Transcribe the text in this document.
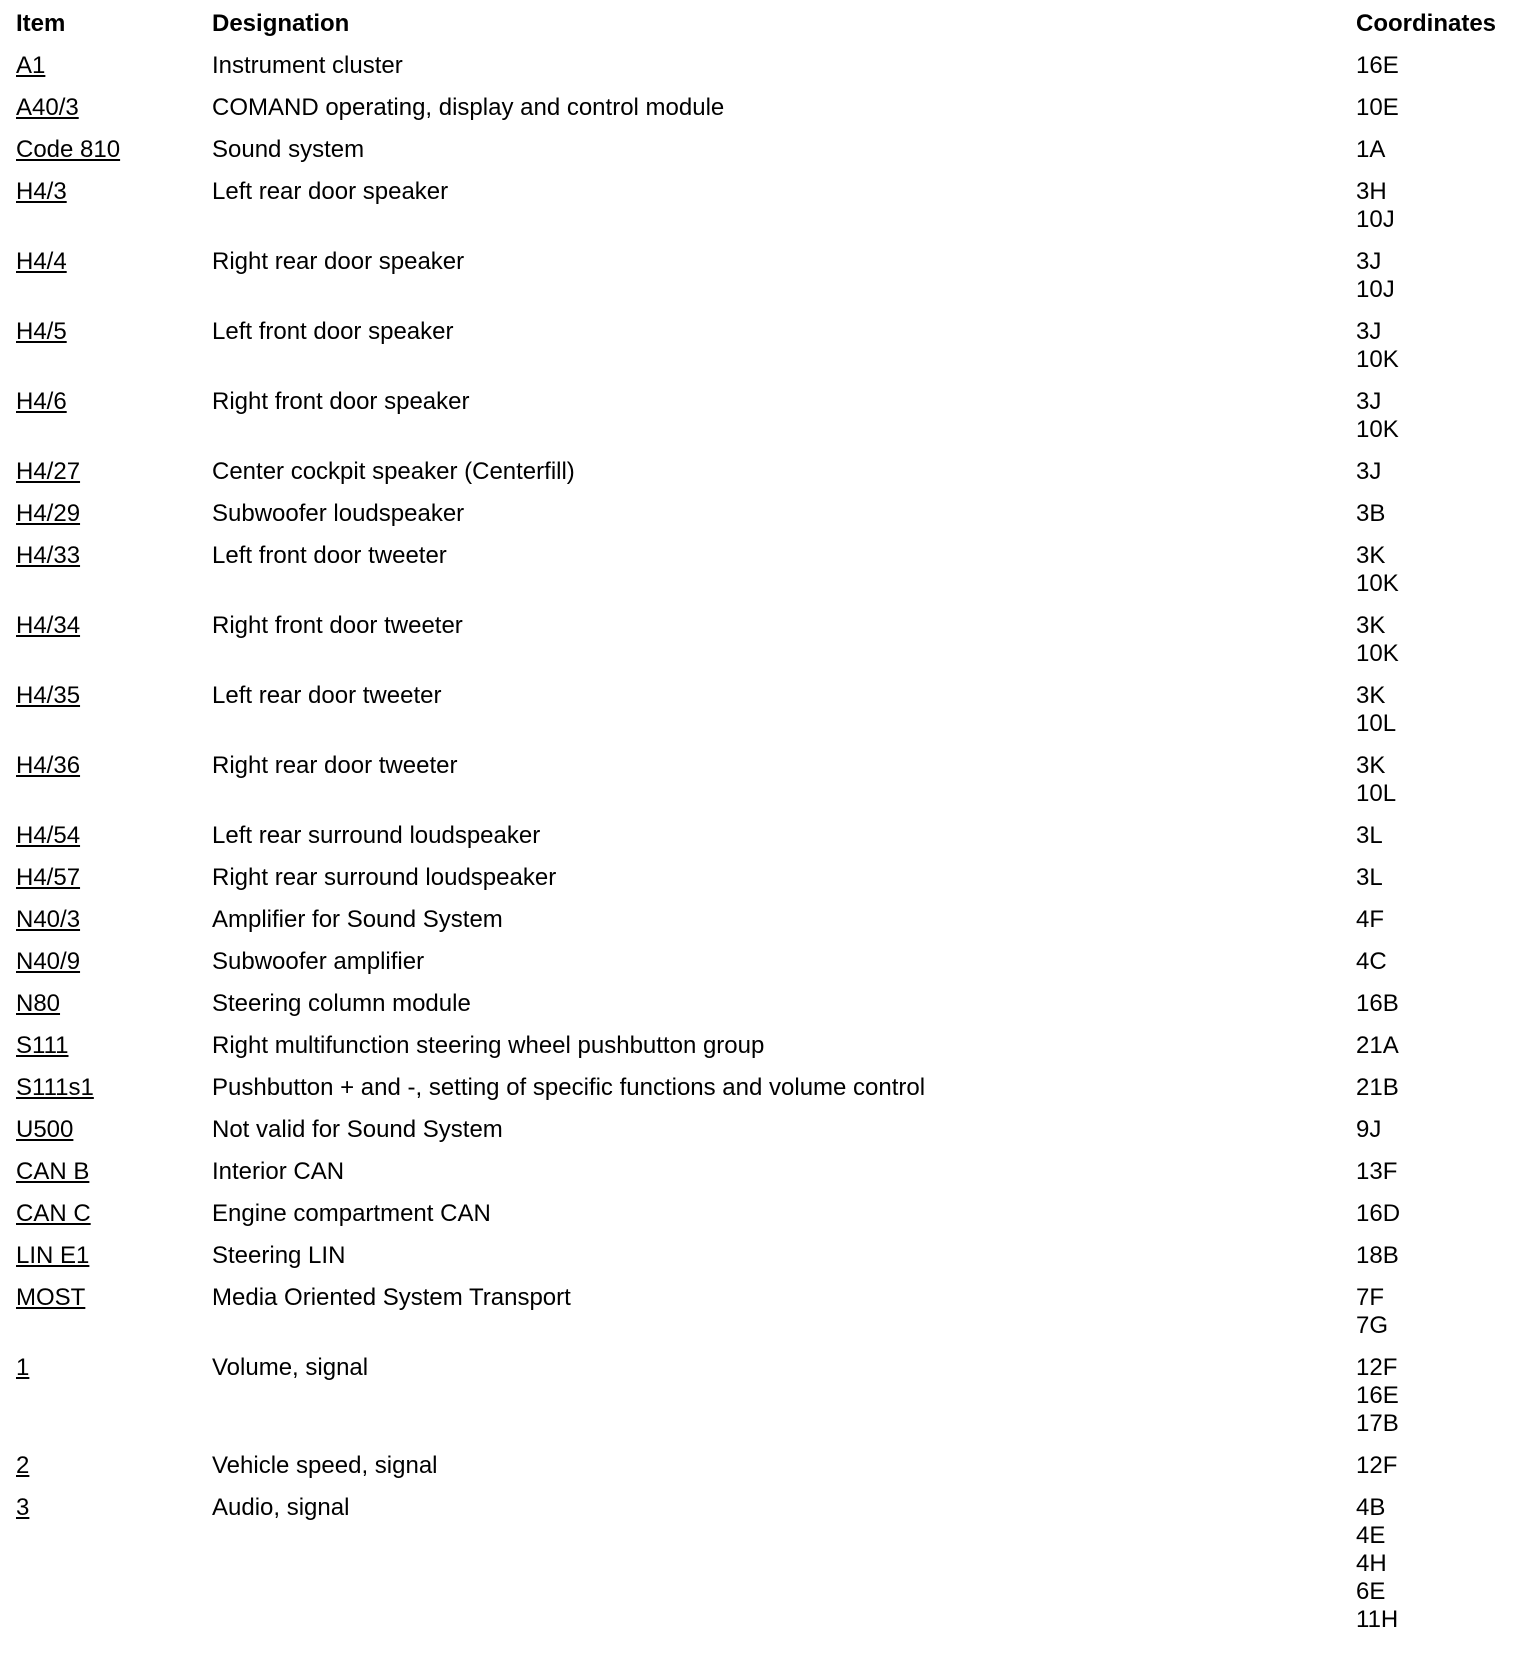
Item	Designation	Coordinates
A1	Instrument cluster	16E
A40/3	COMAND operating, display and control module	10E
Code 810	Sound system	1A
H4/3	Left rear door speaker	3H
10J
H4/4	Right rear door speaker	3J
10J
H4/5	Left front door speaker	3J
10K
H4/6	Right front door speaker	3J
10K
H4/27	Center cockpit speaker (Centerfill)	3J
H4/29	Subwoofer loudspeaker	3B
H4/33	Left front door tweeter	3K
10K
H4/34	Right front door tweeter	3K
10K
H4/35	Left rear door tweeter	3K
10L
H4/36	Right rear door tweeter	3K
10L
H4/54	Left rear surround loudspeaker	3L
H4/57	Right rear surround loudspeaker	3L
N40/3	Amplifier for Sound System	4F
N40/9	Subwoofer amplifier	4C
N80	Steering column module	16B
S111	Right multifunction steering wheel pushbutton group	21A
S111s1	Pushbutton + and -, setting of specific functions and volume control	21B
U500	Not valid for Sound System	9J
CAN B	Interior CAN	13F
CAN C	Engine compartment CAN	16D
LIN E1	Steering LIN	18B
MOST	Media Oriented System Transport	7F
7G
1	Volume, signal	12F
16E
17B
2	Vehicle speed, signal	12F
3	Audio, signal	4B
4E
4H
6E
11H
